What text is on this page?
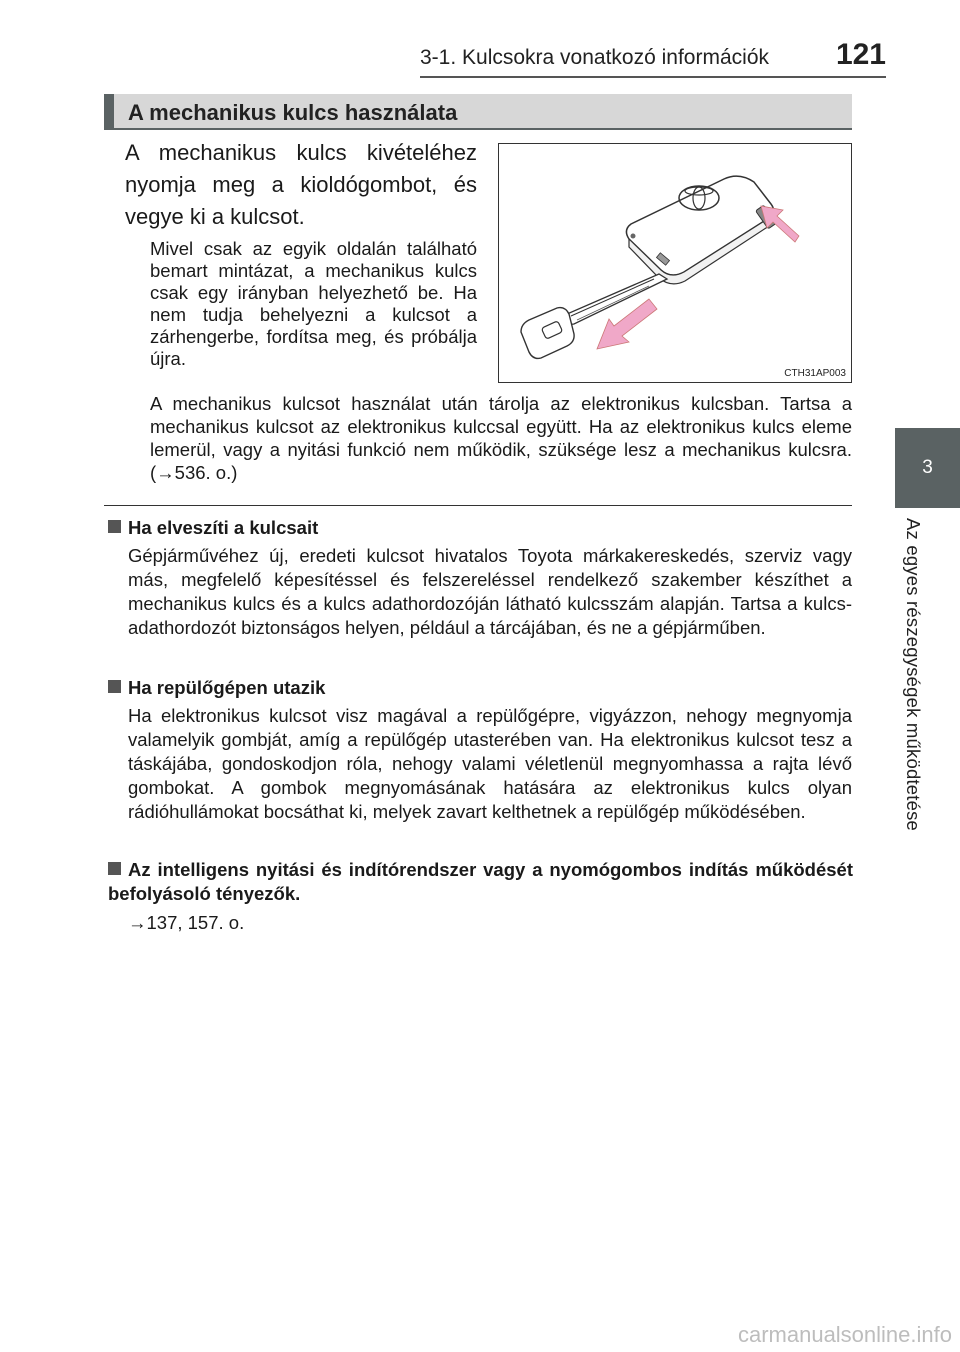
3-1. Kulcsokra vonatkozó információk 121
3
Az egyes részegységek működtetése
A mechanikus kulcs használata
A mechanikus kulcs kivételéhez nyomja meg a kioldógombot, és vegye ki a kulcsot.
Mivel csak az egyik oldalán található bemart mintázat, a mechanikus kulcs csak egy irányban helyezhető be. Ha nem tudja behelyezni a kulcsot a zárhengerbe, fordítsa meg, és próbálja újra.
CTH31AP003
A mechanikus kulcsot használat után tárolja az elektronikus kulcsban. Tartsa a mechanikus kulcsot az elektronikus kulccsal együtt. Ha az elektronikus kulcs eleme lemerül, vagy a nyitási funkció nem működik, szüksége lesz a mechanikus kulcsra. (→536. o.)
Ha elveszíti a kulcsait
Gépjárművéhez új, eredeti kulcsot hivatalos Toyota márkakereskedés, szerviz vagy más, megfelelő képesítéssel és felszereléssel rendelkező szakember készíthet a mechanikus kulcs és a kulcs adathordozóján látható kulcsszám alapján. Tartsa a kulcs-adathordozót biztonságos helyen, például a tárcájában, és ne a gépjárműben.
Ha repülőgépen utazik
Ha elektronikus kulcsot visz magával a repülőgépre, vigyázzon, nehogy megnyomja valamelyik gombját, amíg a repülőgép utasterében van. Ha elektronikus kulcsot tesz a táskájába, gondoskodjon róla, nehogy valami véletlenül megnyomhassa a rajta lévő gombokat. A gombok megnyomásának hatására az elektronikus kulcs olyan rádióhullámokat bocsáthat ki, melyek zavart kelthetnek a repülőgép működésében.
Az intelligens nyitási és indítórendszer vagy a nyomógombos indítás működését befolyásoló tényezők.
→137, 157. o.
carmanualsonline.info
